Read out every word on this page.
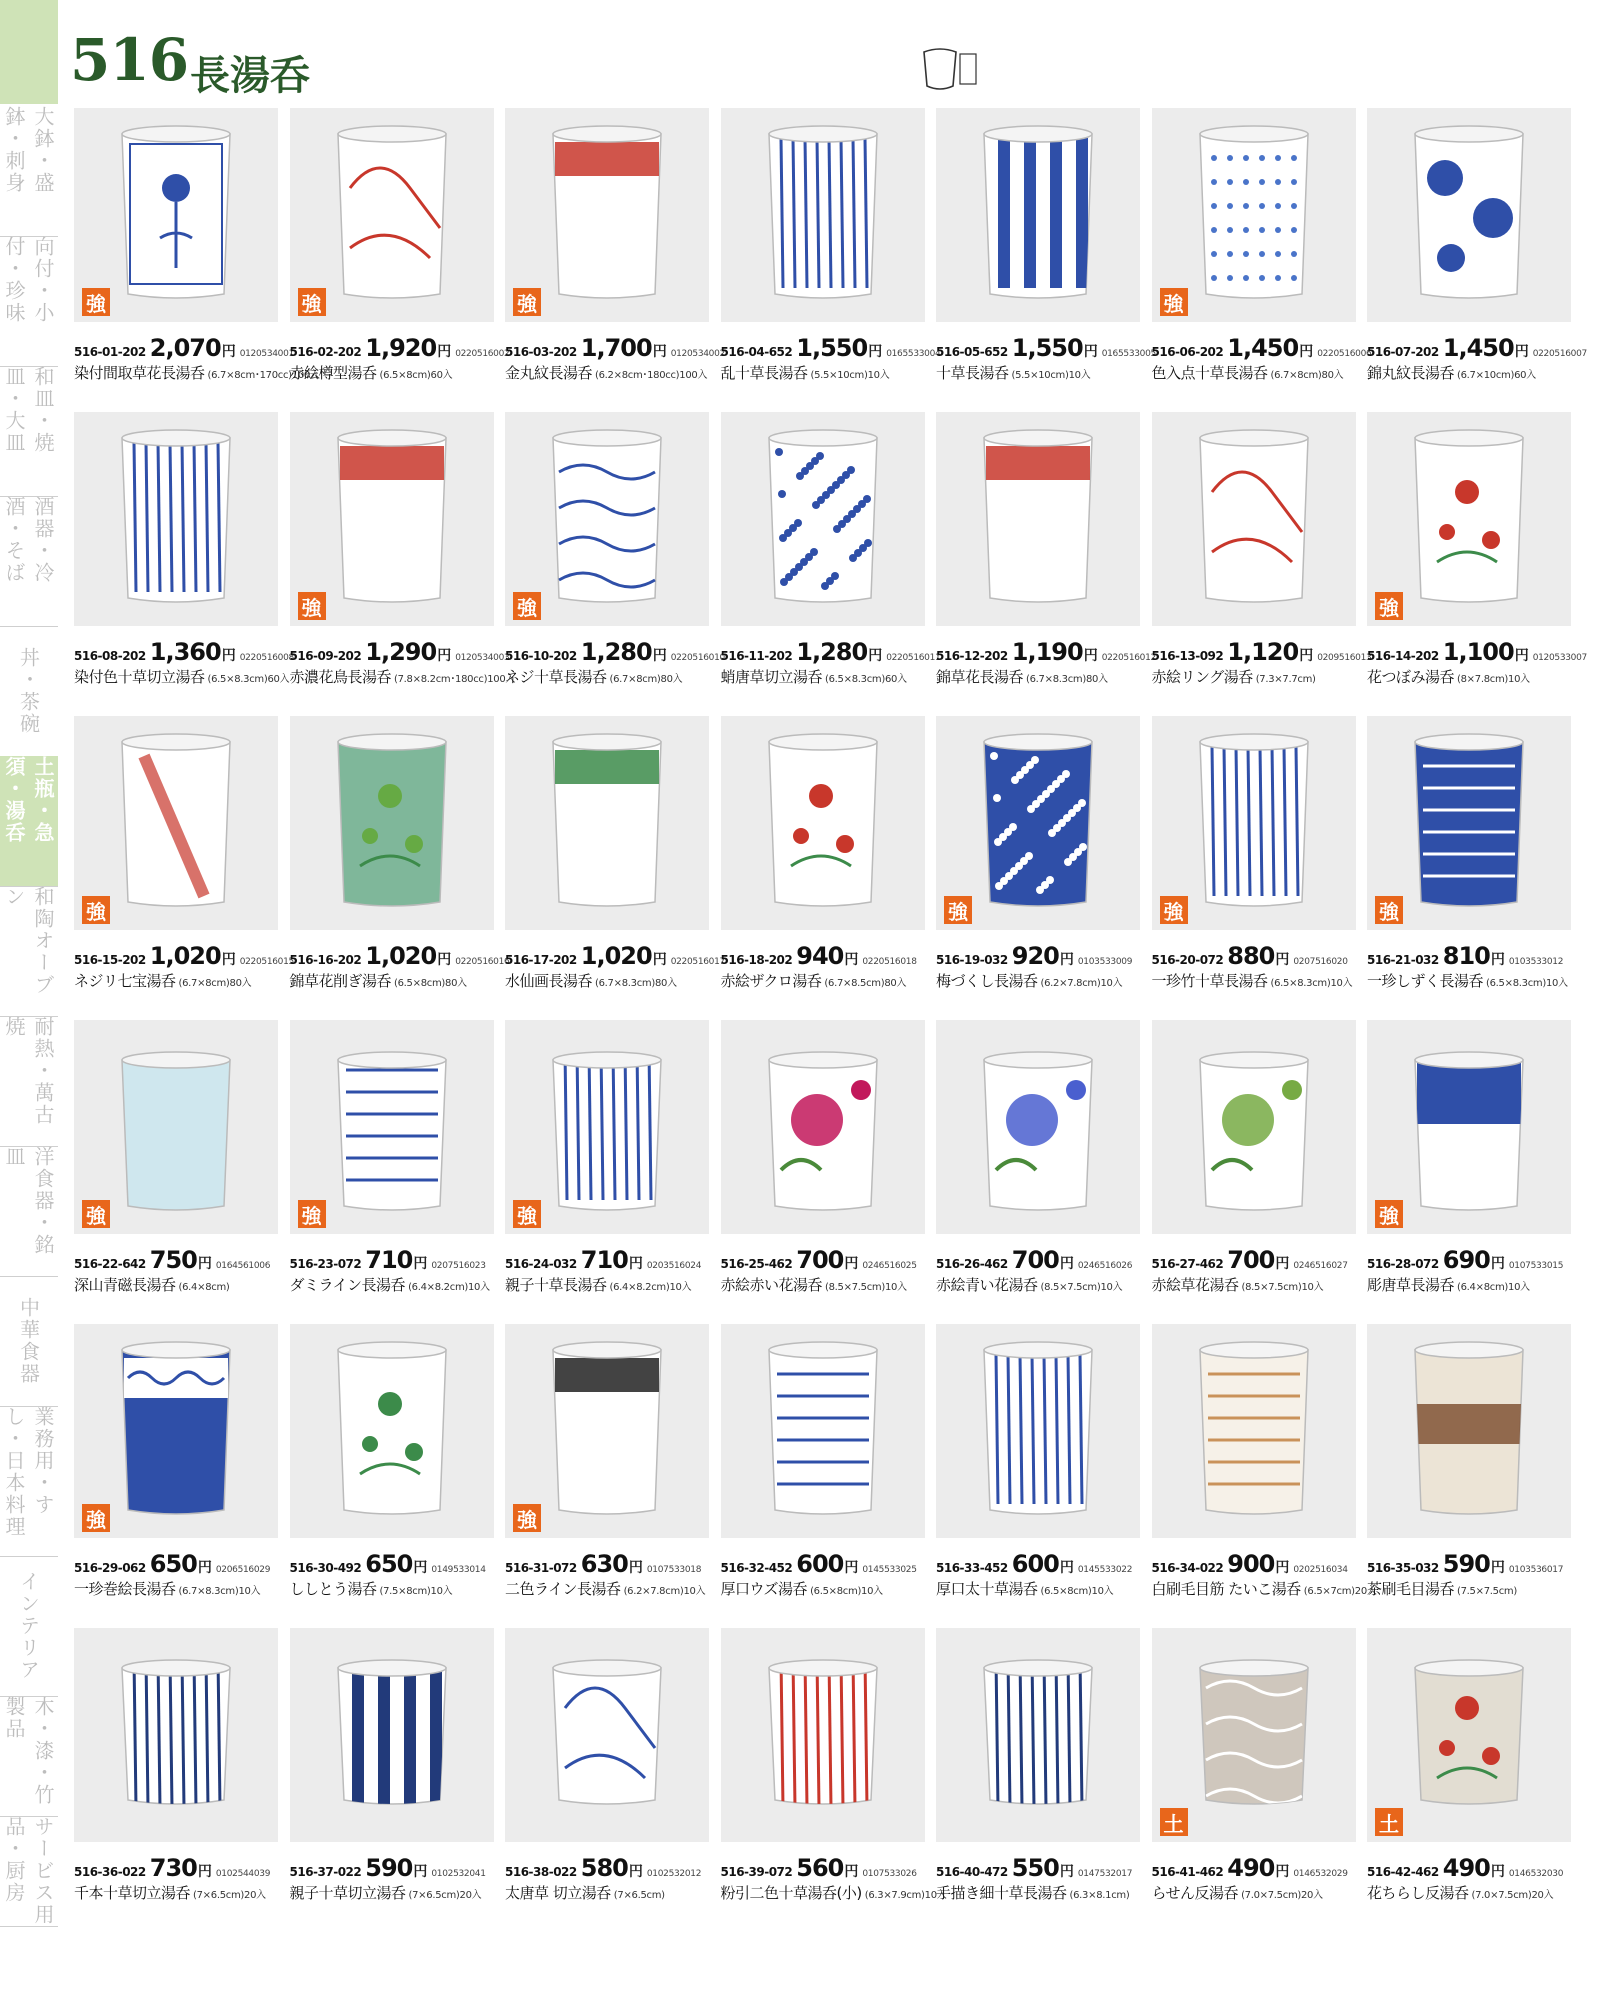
516 長湯呑
大鉢・盛鉢・刺身
向付・小付・珍味
和皿・焼皿・大皿
酒器・冷酒・そば
丼・茶碗
土瓶・急須・湯呑
和陶オーブン
耐熱・萬古焼
洋食器・銘皿
中華食器
業務用・すし・日本料理
インテリア
木・漆・竹製品
サービス用品・厨房
強
516-01-202 2,070 円 0120534001
染付間取草花長湯呑 (6.7×8cm･170cc)100入
強
516-02-202 1,920 円 0220516002
赤絵樽型湯呑 (6.5×8cm)60入
強
516-03-202 1,700 円 0120534002
金丸紋長湯呑 (6.2×8cm･180cc)100入
516-04-652 1,550 円 0165533004
乱十草長湯呑 (5.5×10cm)10入
516-05-652 1,550 円 0165533005
十草長湯呑 (5.5×10cm)10入
強
516-06-202 1,450 円 0220516006
色入点十草長湯呑 (6.7×8cm)80入
516-07-202 1,450 円 0220516007
錦丸紋長湯呑 (6.7×10cm)60入
516-08-202 1,360 円 0220516008
染付色十草切立湯呑 (6.5×8.3cm)60入
強
516-09-202 1,290 円 0120534003
赤濃花鳥長湯呑 (7.8×8.2cm･180cc)100入
強
516-10-202 1,280 円 0220516010
ネジ十草長湯呑 (6.7×8cm)80入
516-11-202 1,280 円 0220516011
蛸唐草切立湯呑 (6.5×8.3cm)60入
516-12-202 1,190 円 0220516012
錦草花長湯呑 (6.7×8.3cm)80入
516-13-092 1,120 円 0209516013
赤絵リング湯呑 (7.3×7.7cm)
強
516-14-202 1,100 円 0120533007
花つぼみ湯呑 (8×7.8cm)10入
強
516-15-202 1,020 円 0220516015
ネジリ七宝湯呑 (6.7×8cm)80入
516-16-202 1,020 円 0220516016
錦草花削ぎ湯呑 (6.5×8cm)80入
516-17-202 1,020 円 0220516017
水仙画長湯呑 (6.7×8.3cm)80入
516-18-202 940 円 0220516018
赤絵ザクロ湯呑 (6.7×8.5cm)80入
強
516-19-032 920 円 0103533009
梅づくし長湯呑 (6.2×7.8cm)10入
強
516-20-072 880 円 0207516020
一珍竹十草長湯呑 (6.5×8.3cm)10入
強
516-21-032 810 円 0103533012
一珍しずく長湯呑 (6.5×8.3cm)10入
強
516-22-642 750 円 0164561006
深山青磁長湯呑 (6.4×8cm)
強
516-23-072 710 円 0207516023
ダミライン長湯呑 (6.4×8.2cm)10入
強
516-24-032 710 円 0203516024
親子十草長湯呑 (6.4×8.2cm)10入
516-25-462 700 円 0246516025
赤絵赤い花湯呑 (8.5×7.5cm)10入
516-26-462 700 円 0246516026
赤絵青い花湯呑 (8.5×7.5cm)10入
516-27-462 700 円 0246516027
赤絵草花湯呑 (8.5×7.5cm)10入
強
516-28-072 690 円 0107533015
彫唐草長湯呑 (6.4×8cm)10入
強
516-29-062 650 円 0206516029
一珍巻絵長湯呑 (6.7×8.3cm)10入
516-30-492 650 円 0149533014
ししとう湯呑 (7.5×8cm)10入
強
516-31-072 630 円 0107533018
二色ライン長湯呑 (6.2×7.8cm)10入
516-32-452 600 円 0145533025
厚口ウズ湯呑 (6.5×8cm)10入
516-33-452 600 円 0145533022
厚口太十草湯呑 (6.5×8cm)10入
516-34-022 900 円 0202516034
白刷毛目筋 たいこ湯呑 (6.5×7cm)20入
516-35-032 590 円 0103536017
茶刷毛目湯呑 (7.5×7.5cm)
516-36-022 730 円 0102544039
千本十草切立湯呑 (7×6.5cm)20入
516-37-022 590 円 0102532041
親子十草切立湯呑 (7×6.5cm)20入
516-38-022 580 円 0102532012
太唐草 切立湯呑 (7×6.5cm)
516-39-072 560 円 0107533026
粉引二色十草湯呑(小) (6.3×7.9cm)10入
516-40-472 550 円 0147532017
手描き細十草長湯呑 (6.3×8.1cm)
土
516-41-462 490 円 0146532029
らせん反湯呑 (7.0×7.5cm)20入
土
516-42-462 490 円 0146532030
花ちらし反湯呑 (7.0×7.5cm)20入
